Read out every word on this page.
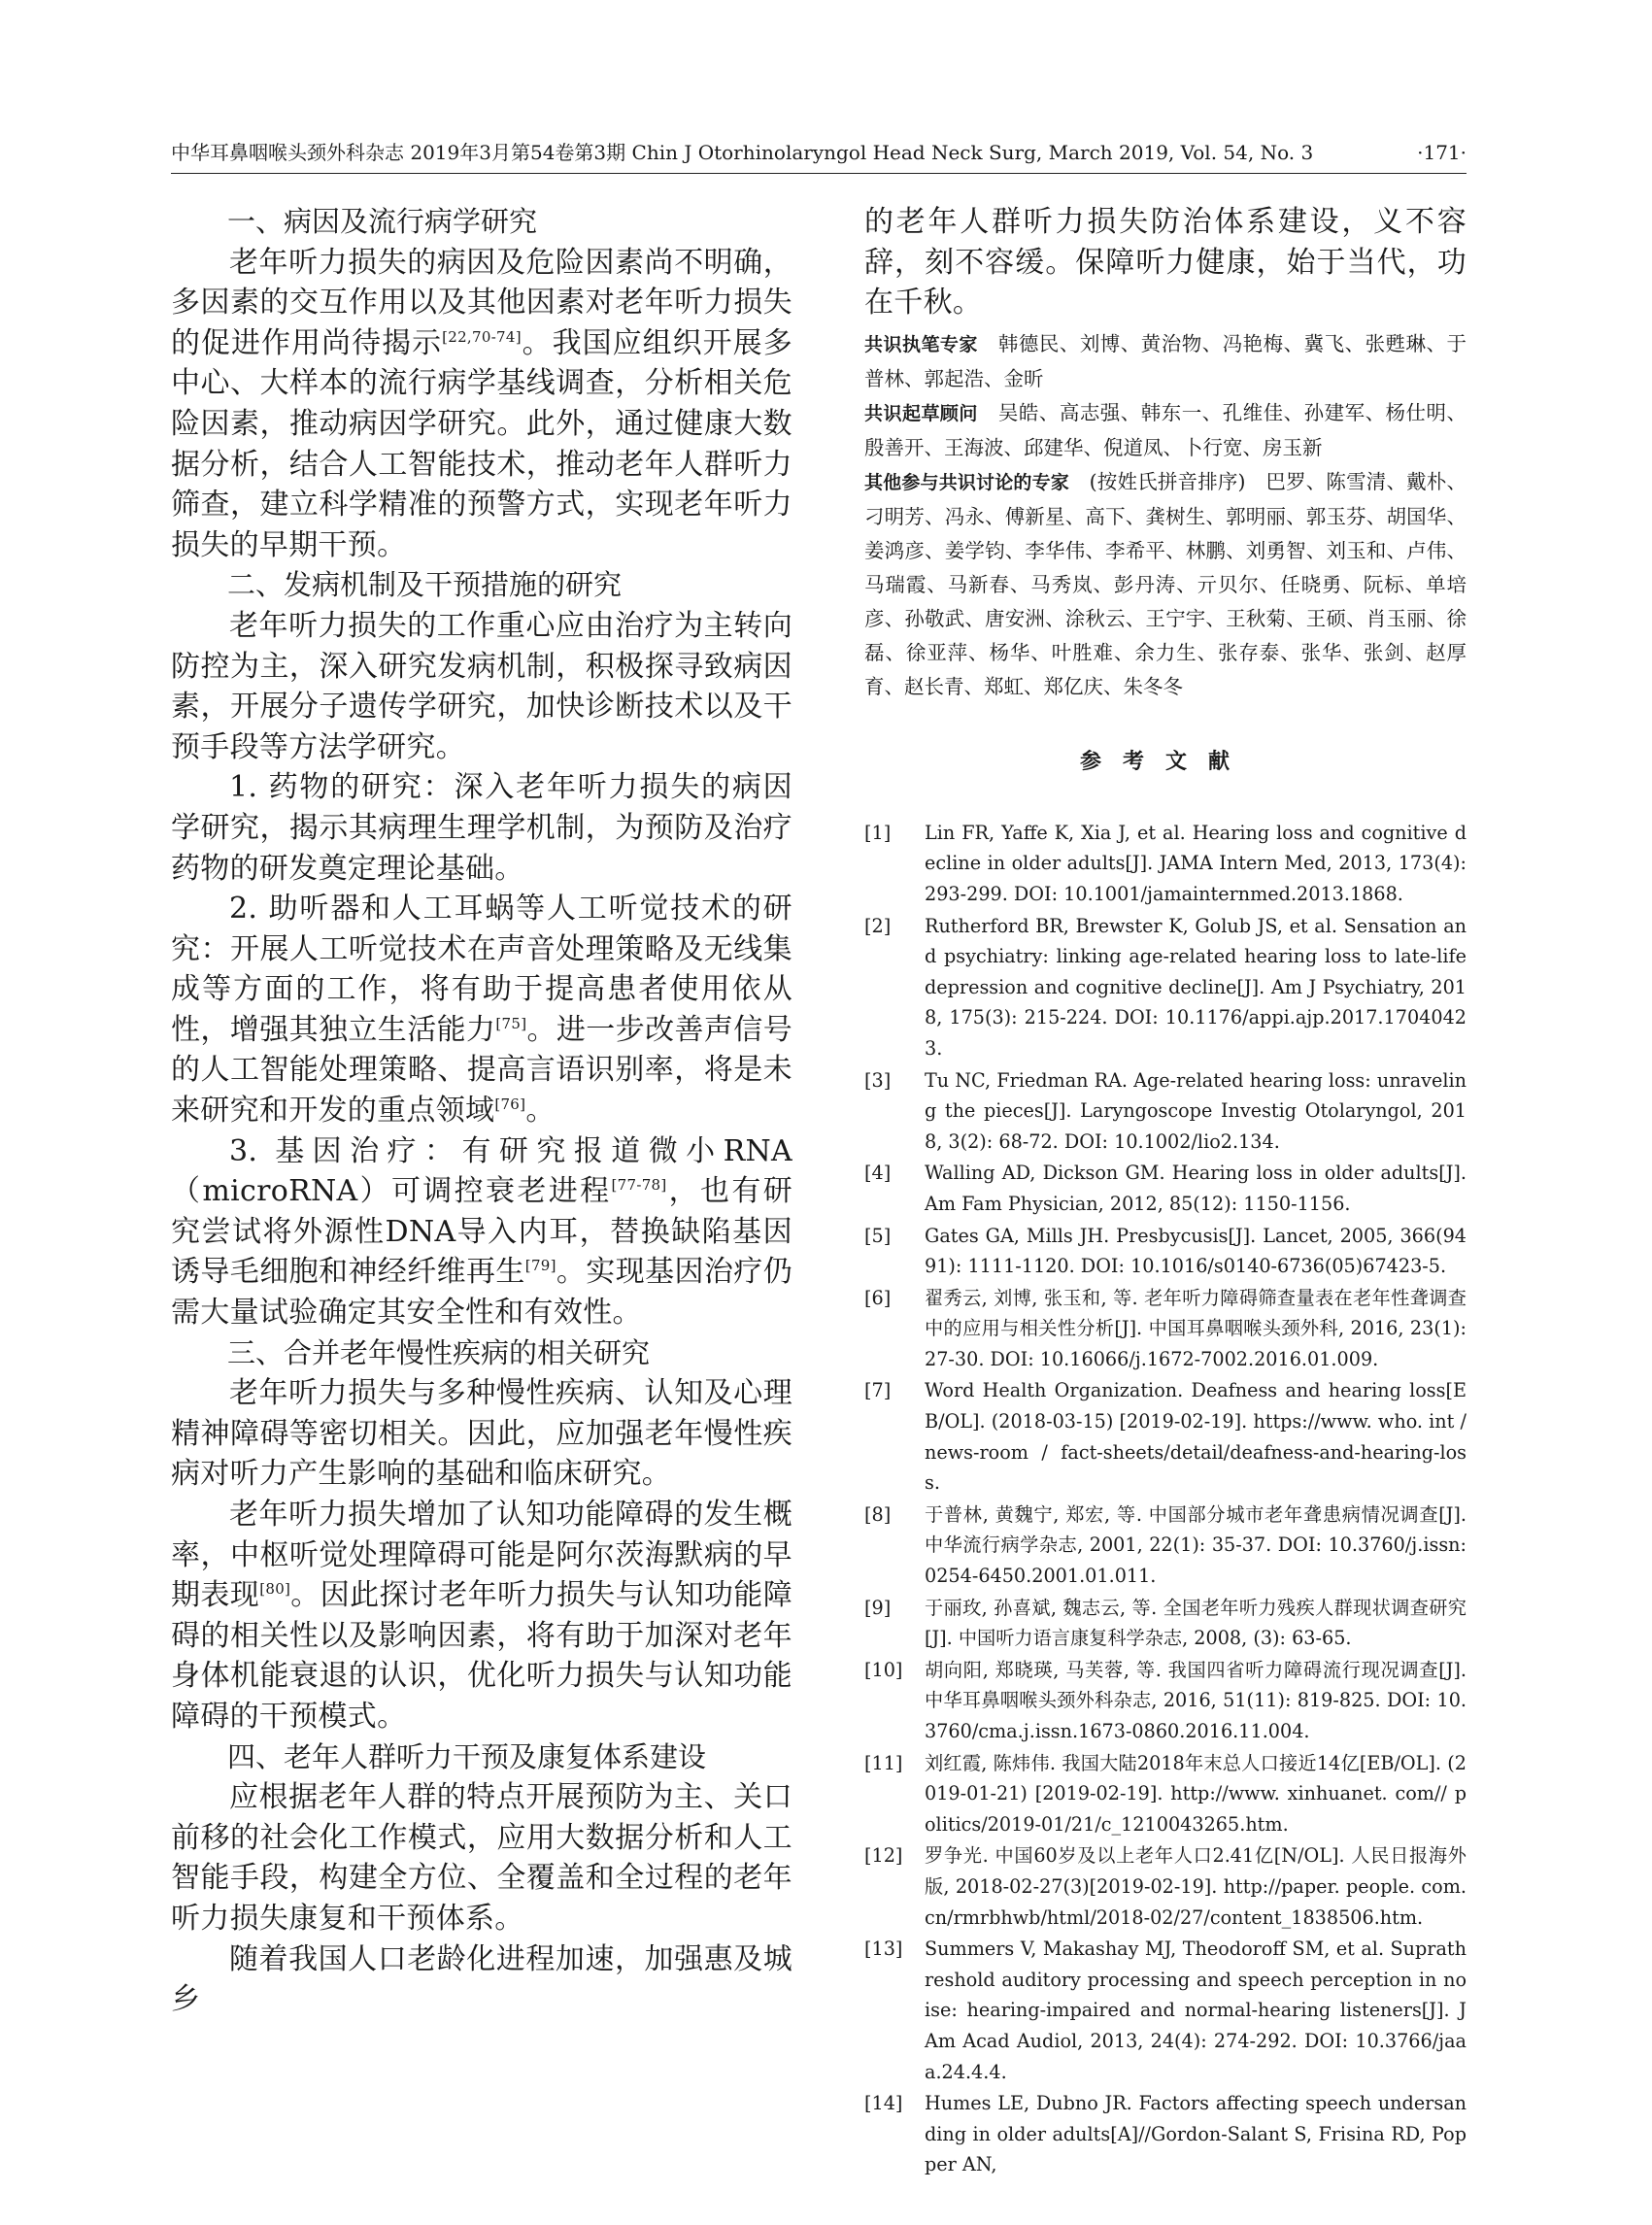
中华耳鼻咽喉头颈外科杂志 2019年3月第54卷第3期 Chin J Otorhinolaryngol Head Neck Surg, March 2019, Vol. 54, No. 3	·171·
一、病因及流行病学研究

老年听力损失的病因及危险因素尚不明确，多因素的交互作用以及其他因素对老年听力损失的促进作用尚待揭示[22,70-74]。我国应组织开展多中心、大样本的流行病学基线调查，分析相关危险因素，推动病因学研究。此外，通过健康大数据分析，结合人工智能技术，推动老年人群听力筛查，建立科学精准的预警方式，实现老年听力损失的早期干预。

二、发病机制及干预措施的研究

老年听力损失的工作重心应由治疗为主转向防控为主，深入研究发病机制，积极探寻致病因素，开展分子遗传学研究，加快诊断技术以及干预手段等方法学研究。

1. 药物的研究：深入老年听力损失的病因学研究，揭示其病理生理学机制，为预防及治疗药物的研发奠定理论基础。

2. 助听器和人工耳蜗等人工听觉技术的研究：开展人工听觉技术在声音处理策略及无线集成等方面的工作，将有助于提高患者使用依从性，增强其独立生活能力[75]。进一步改善声信号的人工智能处理策略、提高言语识别率，将是未来研究和开发的重点领域[76]。

3. 基因治疗：有研究报道微小RNA（microRNA）可调控衰老进程[77-78]，也有研究尝试将外源性DNA导入内耳，替换缺陷基因诱导毛细胞和神经纤维再生[79]。实现基因治疗仍需大量试验确定其安全性和有效性。

三、合并老年慢性疾病的相关研究

老年听力损失与多种慢性疾病、认知及心理精神障碍等密切相关。因此，应加强老年慢性疾病对听力产生影响的基础和临床研究。

老年听力损失增加了认知功能障碍的发生概率，中枢听觉处理障碍可能是阿尔茨海默病的早期表现[80]。因此探讨老年听力损失与认知功能障碍的相关性以及影响因素，将有助于加深对老年身体机能衰退的认识，优化听力损失与认知功能障碍的干预模式。

四、老年人群听力干预及康复体系建设

应根据老年人群的特点开展预防为主、关口前移的社会化工作模式，应用大数据分析和人工智能手段，构建全方位、全覆盖和全过程的老年听力损失康复和干预体系。

随着我国人口老龄化进程加速，加强惠及城乡

的老年人群听力损失防治体系建设，义不容辞，刻不容缓。保障听力健康，始于当代，功在千秋。

共识执笔专家　韩德民、刘博、黄治物、冯艳梅、冀飞、张甦琳、于普林、郭起浩、金昕

共识起草顾问　吴皓、高志强、韩东一、孔维佳、孙建军、杨仕明、殷善开、王海波、邱建华、倪道凤、卜行宽、房玉新

其他参与共识讨论的专家　(按姓氏拼音排序)　巴罗、陈雪清、戴朴、刁明芳、冯永、傅新星、高下、龚树生、郭明丽、郭玉芬、胡国华、姜鸿彦、姜学钧、李华伟、李希平、林鹏、刘勇智、刘玉和、卢伟、马瑞霞、马新春、马秀岚、彭丹涛、亓贝尔、任晓勇、阮标、单培彦、孙敬武、唐安洲、涂秋云、王宁宇、王秋菊、王硕、肖玉丽、徐磊、徐亚萍、杨华、叶胜难、余力生、张存泰、张华、张剑、赵厚育、赵长青、郑虹、郑亿庆、朱冬冬

参考文献
[1]	Lin FR, Yaffe K, Xia J, et al. Hearing loss and cognitive decline in older adults[J]. JAMA Intern Med, 2013, 173(4): 293-299. DOI: 10.1001/jamainternmed.2013.1868.
[2]	Rutherford BR, Brewster K, Golub JS, et al. Sensation and psychiatry: linking age-related hearing loss to late-life depression and cognitive decline[J]. Am J Psychiatry, 2018, 175(3): 215-224. DOI: 10.1176/appi.ajp.2017.17040423.
[3]	Tu NC, Friedman RA. Age-related hearing loss: unraveling the pieces[J]. Laryngoscope Investig Otolaryngol, 2018, 3(2): 68-72. DOI: 10.1002/lio2.134.
[4]	Walling AD, Dickson GM. Hearing loss in older adults[J]. Am Fam Physician, 2012, 85(12): 1150-1156.
[5]	Gates GA, Mills JH. Presbycusis[J]. Lancet, 2005, 366(9491): 1111-1120. DOI: 10.1016/s0140-6736(05)67423-5.
[6]	翟秀云, 刘博, 张玉和, 等. 老年听力障碍筛查量表在老年性聋调查中的应用与相关性分析[J]. 中国耳鼻咽喉头颈外科, 2016, 23(1): 27-30. DOI: 10.16066/j.1672-7002.2016.01.009.
[7]	Word Health Organization. Deafness and hearing loss[EB/OL]. (2018-03-15) [2019-02-19]. https://www. who. int / news-room / fact-sheets/detail/deafness-and-hearing-loss.
[8]	于普林, 黄魏宁, 郑宏, 等. 中国部分城市老年聋患病情况调查[J]. 中华流行病学杂志, 2001, 22(1): 35-37. DOI: 10.3760/j.issn:0254-6450.2001.01.011.
[9]	于丽玫, 孙喜斌, 魏志云, 等. 全国老年听力残疾人群现状调查研究[J]. 中国听力语言康复科学杂志, 2008, (3): 63-65.
[10]	胡向阳, 郑晓瑛, 马芙蓉, 等. 我国四省听力障碍流行现况调查[J]. 中华耳鼻咽喉头颈外科杂志, 2016, 51(11): 819-825. DOI: 10.3760/cma.j.issn.1673-0860.2016.11.004.
[11]	刘红霞, 陈炜伟. 我国大陆2018年末总人口接近14亿[EB/OL]. (2019-01-21) [2019-02-19]. http://www. xinhuanet. com// politics/2019-01/21/c_1210043265.htm.
[12]	罗争光. 中国60岁及以上老年人口2.41亿[N/OL]. 人民日报海外版, 2018-02-27(3)[2019-02-19]. http://paper. people. com.cn/rmrbhwb/html/2018-02/27/content_1838506.htm.
[13]	Summers V, Makashay MJ, Theodoroff SM, et al. Suprathreshold auditory processing and speech perception in noise: hearing-impaired and normal-hearing listeners[J]. J Am Acad Audiol, 2013, 24(4): 274-292. DOI: 10.3766/jaaa.24.4.4.
[14]	Humes LE, Dubno JR. Factors affecting speech undersanding in older adults[A]//Gordon-Salant S, Frisina RD, Popper AN,
